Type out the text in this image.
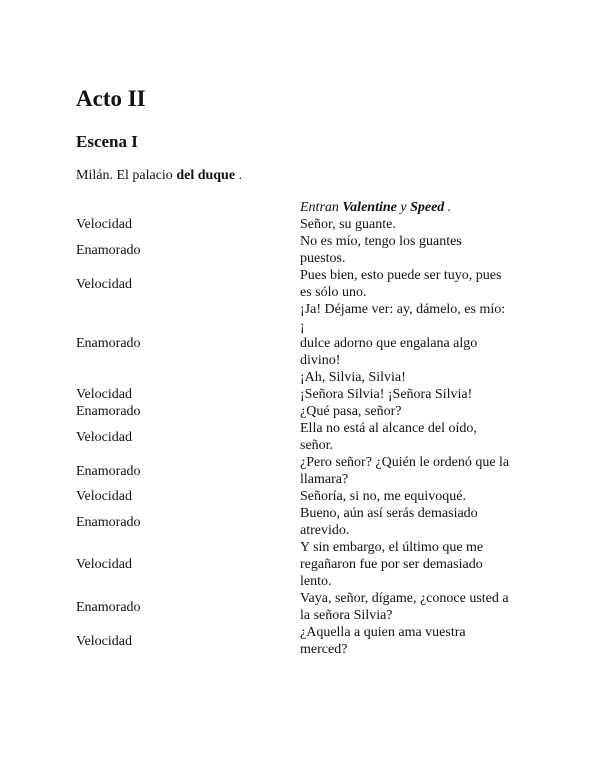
Acto II
Escena I

Milán. El palacio del duque .

	Entran Valentine y Speed .
Velocidad	Señor, su guante.

Enamorado	No es mío, tengo los guantes
puestos.

Velocidad	Pues bien, esto puede ser tuyo, pues
es sólo uno.

Enamorado	¡Ja! Déjame ver: ay, dámelo, es mío:
¡
dulce adorno que engalana algo
divino!
¡Ah, Silvia, Silvia!

Velocidad	¡Señora Silvia! ¡Señora Silvia!

Enamorado	¿Qué pasa, señor?

Velocidad	Ella no está al alcance del oído,
señor.

Enamorado	¿Pero señor? ¿Quién le ordenó que la
llamara?

Velocidad	Señoría, si no, me equivoqué.

Enamorado	Bueno, aún así serás demasiado
atrevido.

Velocidad	Y sin embargo, el último que me
regañaron fue por ser demasiado
lento.

Enamorado	Vaya, señor, dígame, ¿conoce usted a
la señora Silvia?

Velocidad	¿Aquella a quien ama vuestra
merced?
